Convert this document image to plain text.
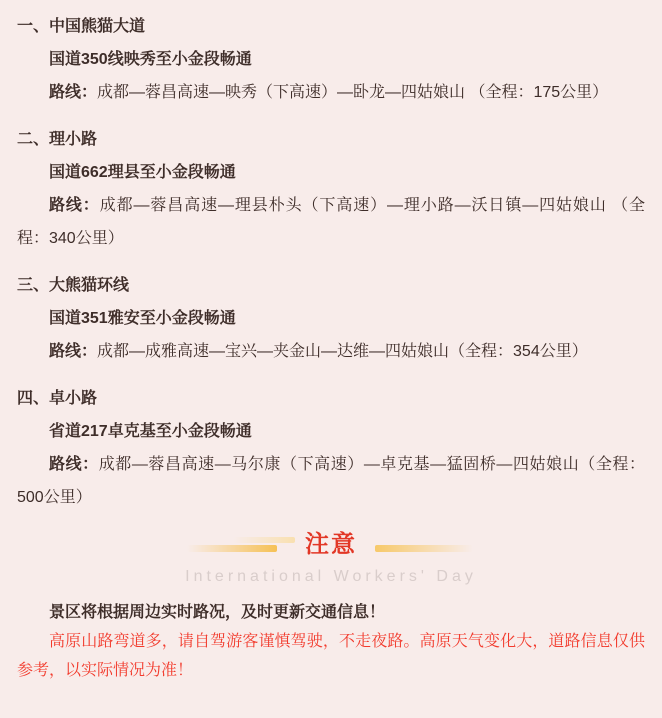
一、中国熊猫大道

国道350线映秀至小金段畅通

路线：成都—蓉昌高速—映秀（下高速）—卧龙—四姑娘山 （全程：175公里）

二、理小路

国道662理县至小金段畅通

路线：成都—蓉昌高速—理县朴头（下高速）—理小路—沃日镇—四姑娘山 （全程：340公里）

三、大熊猫环线

国道351雅安至小金段畅通

路线：成都—成雅高速—宝兴—夹金山—达维—四姑娘山（全程：354公里）

四、卓小路

省道217卓克基至小金段畅通

路线：成都—蓉昌高速—马尔康（下高速）—卓克基—猛固桥—四姑娘山（全程：500公里）

注意

International Workers' Day

景区将根据周边实时路况，及时更新交通信息！

高原山路弯道多，请自驾游客谨慎驾驶，不走夜路。高原天气变化大，道路信息仅供参考，以实际情况为准！
